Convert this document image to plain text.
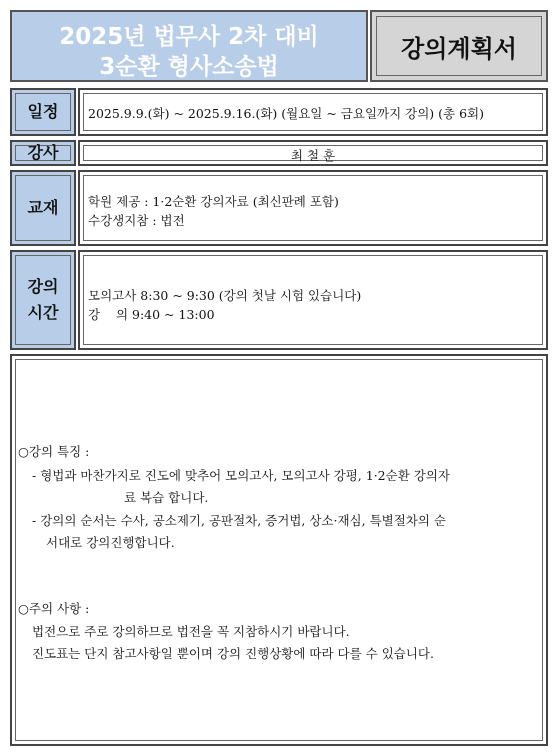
2025년 법무사 2차 대비
3순환 형사소송법
강의계획서
일정 2025.9.9.(화) ~ 2025.9.16.(화) (월요일 ~ 금요일까지 강의) (총 6회)
강사	최 철 훈
교재 학원 제공 : 1·2순환 강의자료 (최신판례 포함)
수강생지참 : 법전
강의
시간
모의고사 8:30 ~ 9:30 (강의 첫날 시험 있습니다)
강    의 9:40 ~ 13:00
○강의 특징 :
- 형법과 마찬가지로 진도에 맞추어 모의고사, 모의고사 강평, 1·2순환 강의자
료 복습 합니다.
- 강의의 순서는 수사, 공소제기, 공판절차, 증거법, 상소·재심, 특별절차의 순
서대로 강의진행합니다.
○주의 사항 :
법전으로 주로 강의하므로 법전을 꼭 지참하시기 바랍니다.
진도표는 단지 참고사항일 뿐이며 강의 진행상황에 따라 다를 수 있습니다.
